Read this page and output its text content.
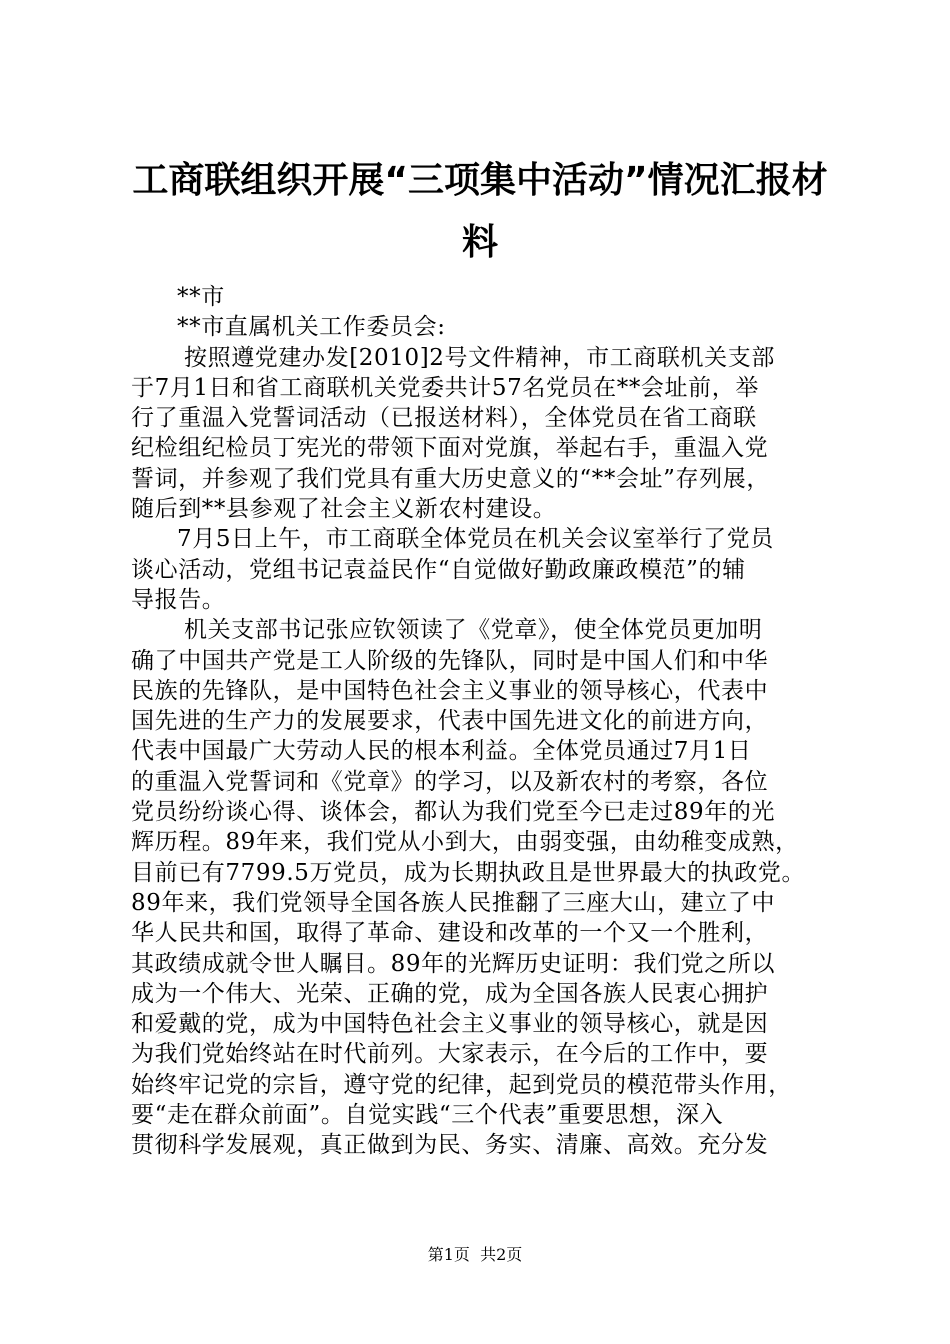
工商联组织开展“三项集中活动”情况汇报材
料
**市
**市直属机关工作委员会:

按照遵党建办发[2010]2号文件精神，市工商联机关支部
于7月1日和省工商联机关党委共计57名党员在**会址前，举
行了重温入党誓词活动（已报送材料），全体党员在省工商联
纪检组纪检员丁宪光的带领下面对党旗，举起右手，重温入党
誓词，并参观了我们党具有重大历史意义的“**会址”存列展，
随后到**县参观了社会主义新农村建设。

7月5日上午，市工商联全体党员在机关会议室举行了党员
谈心活动，党组书记袁益民作“自觉做好勤政廉政模范”的辅
导报告。

机关支部书记张应钦领读了《党章》，使全体党员更加明
确了中国共产党是工人阶级的先锋队，同时是中国人们和中华
民族的先锋队，是中国特色社会主义事业的领导核心，代表中
国先进的生产力的发展要求，代表中国先进文化的前进方向，
代表中国最广大劳动人民的根本利益。全体党员通过7月1日
的重温入党誓词和《党章》的学习，以及新农村的考察，各位
党员纷纷谈心得、谈体会，都认为我们党至今已走过89年的光
辉历程。89年来，我们党从小到大，由弱变强，由幼稚变成熟，
目前已有7799.5万党员，成为长期执政且是世界最大的执政党。
89年来，我们党领导全国各族人民推翻了三座大山，建立了中
华人民共和国，取得了革命、建设和改革的一个又一个胜利，
其政绩成就令世人瞩目。89年的光辉历史证明：我们党之所以
成为一个伟大、光荣、正确的党，成为全国各族人民衷心拥护
和爱戴的党，成为中国特色社会主义事业的领导核心，就是因
为我们党始终站在时代前列。大家表示，在今后的工作中，要
始终牢记党的宗旨，遵守党的纪律，起到党员的模范带头作用，
要“走在群众前面”。自觉实践“三个代表”重要思想，深入
贯彻科学发展观，真正做到为民、务实、清廉、高效。充分发

第1页  共2页
